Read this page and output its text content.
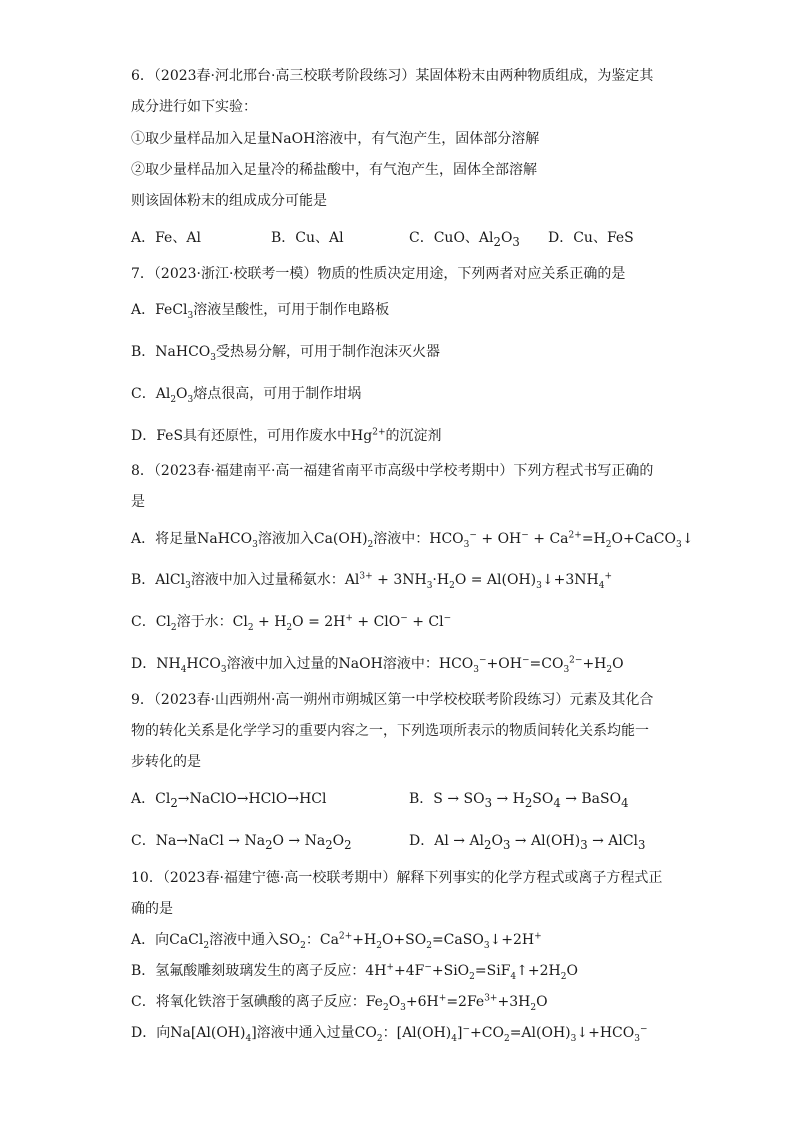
6．（2023春·河北邢台·高三校联考阶段练习）某固体粉末由两种物质组成，为鉴定其
成分进行如下实验：
①取少量样品加入足量NaOH溶液中，有气泡产生，固体部分溶解
②取少量样品加入足量冷的稀盐酸中，有气泡产生，固体全部溶解
则该固体粉末的组成成分可能是
A．Fe、Al	B．Cu、Al	C．CuO、$Al_2O_3$ D．Cu、FeS
7．（2023·浙江·校联考一模）物质的性质决定用途，下列两者对应关系正确的是
A．FeCl$_3$溶液呈酸性，可用于制作电路板
B．NaHCO$_3$受热易分解，可用于制作泡沫灭火器
C．$Al_2O_3$熔点很高，可用于制作坩埚
D．FeS具有还原性，可用作废水中$Hg^{2+}$的沉淀剂
8．（2023春·福建南平·高一福建省南平市高级中学校考期中）下列方程式书写正确的
是
A．将足量NaHCO$_3$溶液加入$Ca(OH)_2$溶液中：$HCO_3^- + OH^-$ + $Ca^{2+}=H_2O+CaCO_3↓$
B．AlCl$_3$溶液中加入过量稀氨水：$Al^{3+} + 3NH_3\cdot H_2O$ = $Al(OH)_3↓+3NH_4^+$
C．$Cl_2$溶于水：$Cl_2 + H_2O = 2H^+ + ClO^- + Cl^-$
D．$NH_4HCO_3$溶液中加入过量的NaOH溶液中：$HCO_3^-+OH^-=CO_3^{2-}+H_2O$
9．（2023春·山西朔州·高一朔州市朔城区第一中学校校联考阶段练习）元素及其化合
物的转化关系是化学学习的重要内容之一，下列选项所表示的物质间转化关系均能一
步转化的是
A．$Cl_2\to NaClO\to HClO\to HCl$	B．$S \to SO_3 \to H_2SO_4$ → BaSO$_4$
C．Na→NaCl → $Na_2O \to Na_2O_2$	D．$Al \to Al_2O_3 \to Al(OH)_3$ → AlCl$_3$
10．（2023春·福建宁德·高一校联考期中）解释下列事实的化学方程式或离子方程式正
确的是
A．向CaCl$_2$溶液中通入$SO_2$：$Ca^{2+}+H_2O+SO_2=CaSO_3↓+2H^+$
B．氢氟酸雕刻玻璃发生的离子反应：$4H^++4F^-+SiO_2=SiF_4↑+2H_2O$
C．将氧化铁溶于氢碘酸的离子反应：$Fe_2O_3+6H^+=2Fe^{3+}+3H_2O$
D．向$Na[Al(OH)_4]$溶液中通入过量$CO_2$：$[Al(OH)_4]^-+CO_2=Al(OH)_3↓+HCO_3^-$
